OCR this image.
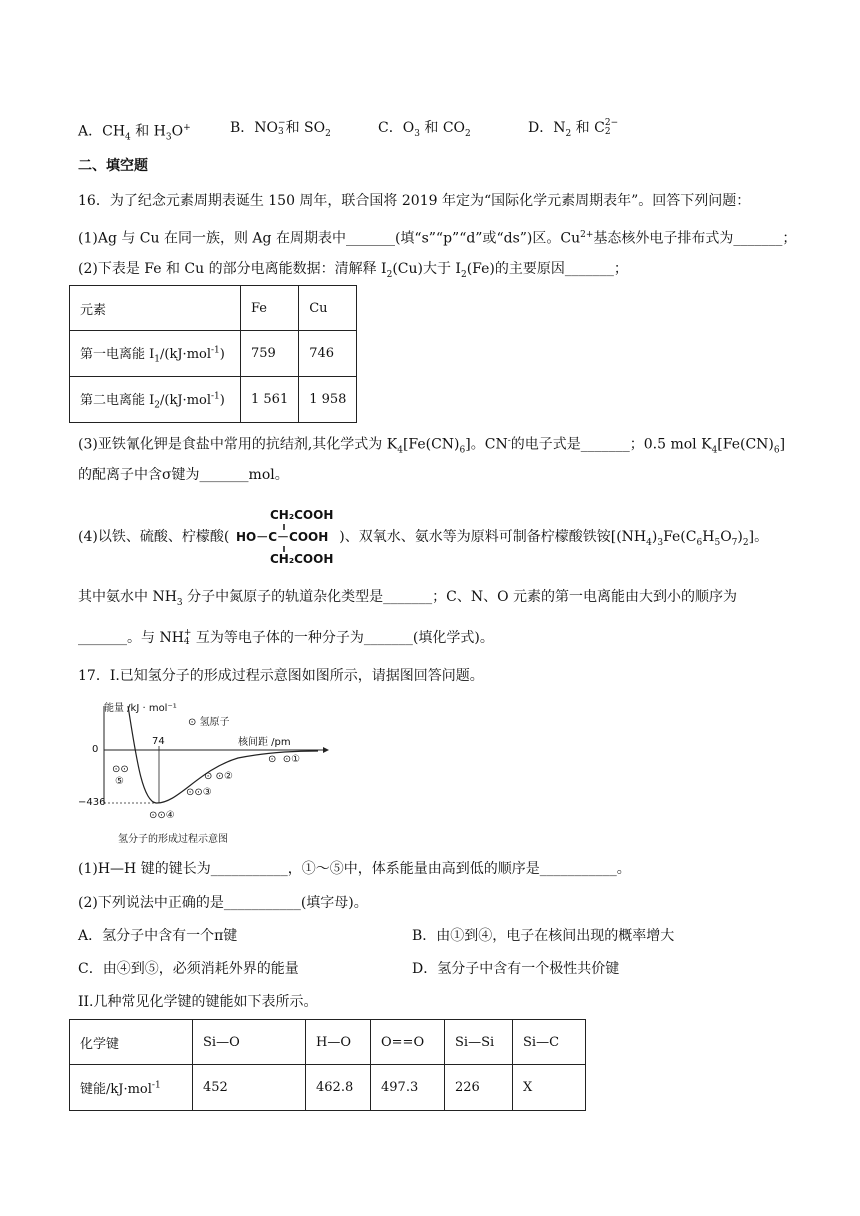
A．$CH_4$ 和 $H_3O^+$	B．NO −
3 和 $SO_2$	C．$O_3$ 和 $CO_2$	D．$N_2$ 和 C 2−
2
二、填空题
16．为了纪念元素周期表诞生 150 周年，联合国将 2019 年定为“国际化学元素周期表年”。回答下列问题：
(1)Ag 与 Cu 在同一族，则 Ag 在周期表中_______(填“s”“p”“d”或“ds”)区。$Cu^{2+}$基态核外电子排布式为_______；
(2)下表是 Fe 和 Cu 的部分电离能数据：清解释 $I_2(Cu)$大于 $I_2(Fe)$的主要原因_______；
元素	Fe	Cu
第一电离能 $I_1/(kJ\cdot mol^{-1})$	759	746
第二电离能 $I_2/(kJ\cdot mol^{-1})$	1 561	1 958
(3)亚铁氰化钾是食盐中常用的抗结剂,其化学式为 $K_4[Fe(CN)_6]$。CN-的电子式是_______；0.5 mol $K_4[Fe(CN)_6]$
的配离子中含σ键为_______mol。
(4)以铁、硫酸、柠檬酸(	)、双氧水、氨水等为原料可制备柠檬酸铁铵$[(NH_4)_3Fe(C_6H_5O_7)_2]$。
CH₂COOH
HO－C－COOH
CH₂COOH
其中氨水中 $NH_3$ 分子中氮原子的轨道杂化类型是_______；C、N、O 元素的第一电离能由大到小的顺序为
_______。与 NH +
4 互为等电子体的一种分子为_______(填化学式)。
17．I.已知氢分子的形成过程示意图如图所示，请据图回答问题。
能量 /kJ · mol⁻¹
⊙ 氢原子
74	核间距 /pm
0
−436
⊙  ⊙①
⊙ ⊙②
⊙⊙③
⊙⊙④
⊙⊙
⑤
氢分子的形成过程示意图
(1)H—H 键的键长为___________，①～⑤中，体系能量由高到低的顺序是___________。
(2)下列说法中正确的是___________(填字母)。
A．氢分子中含有一个π键	B．由①到④，电子在核间出现的概率增大
C．由④到⑤，必须消耗外界的能量	D．氢分子中含有一个极性共价键
II.几种常见化学键的键能如下表所示。
化学键	Si—O	H—O	O==O	Si—Si	Si—C
键能/kJ·mol$^{-1}$	452	462.8	497.3	226	X
